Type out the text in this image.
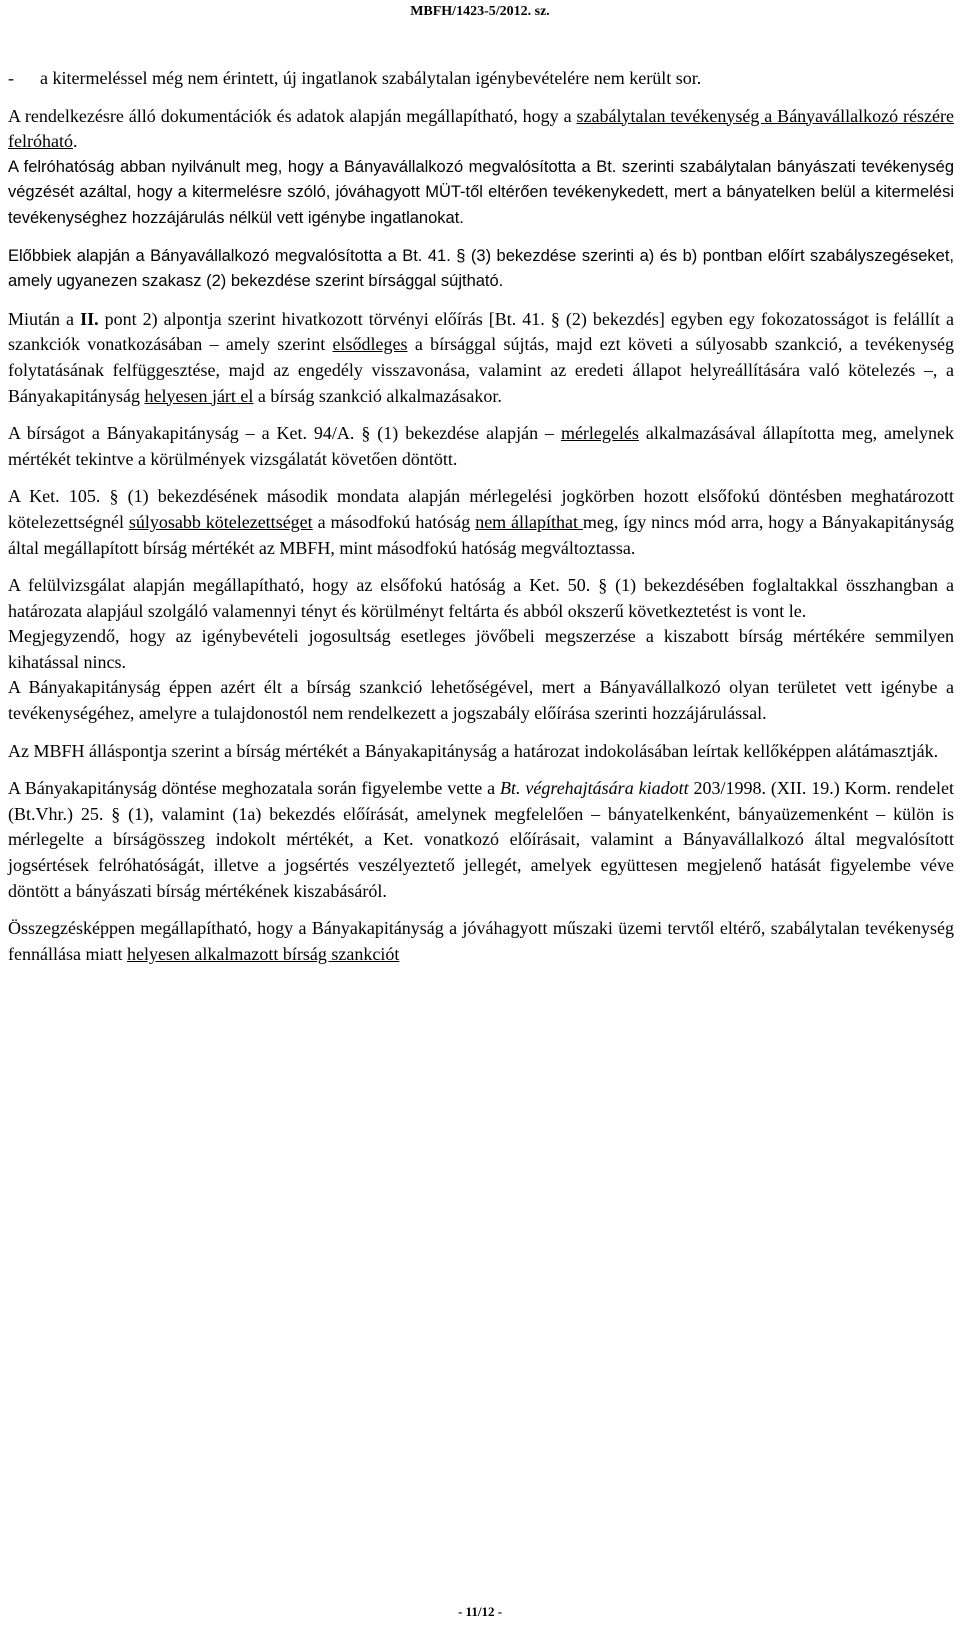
MBFH/1423-5/2012. sz.
-	a kitermeléssel még nem érintett, új ingatlanok szabálytalan igénybevételére nem került sor.

A rendelkezésre álló dokumentációk és adatok alapján megállapítható, hogy a szabálytalan tevékenység a Bányavállalkozó részére felróható.

A felróhatóság abban nyilvánult meg, hogy a Bányavállalkozó megvalósította a Bt. szerinti szabálytalan bányászati tevékenység végzését azáltal, hogy a kitermelésre szóló, jóváhagyott MÜT-től eltérően tevékenykedett, mert a bányatelken belül a kitermelési tevékenységhez hozzájárulás nélkül vett igénybe ingatlanokat.

Előbbiek alapján a Bányavállalkozó megvalósította a Bt. 41. § (3) bekezdése szerinti a) és b) pontban előírt szabályszegéseket, amely ugyanezen szakasz (2) bekezdése szerint bírsággal sújtható.

Miután a II. pont 2) alpontja szerint hivatkozott törvényi előírás [Bt. 41. § (2) bekezdés] egyben egy fokozatosságot is felállít a szankciók vonatkozásában – amely szerint elsődleges a bírsággal sújtás, majd ezt követi a súlyosabb szankció, a tevékenység folytatásának felfüggesztése, majd az engedély visszavonása, valamint az eredeti állapot helyreállítására való kötelezés –, a Bányakapitányság helyesen járt el a bírság szankció alkalmazásakor.

A bírságot a Bányakapitányság – a Ket. 94/A. § (1) bekezdése alapján – mérlegelés alkalmazásával állapította meg, amelynek mértékét tekintve a körülmények vizsgálatát követően döntött.

A Ket. 105. § (1) bekezdésének második mondata alapján mérlegelési jogkörben hozott elsőfokú döntésben meghatározott kötelezettségnél súlyosabb kötelezettséget a másodfokú hatóság nem állapíthat meg, így nincs mód arra, hogy a Bányakapitányság által megállapított bírság mértékét az MBFH, mint másodfokú hatóság megváltoztassa.

A felülvizsgálat alapján megállapítható, hogy az elsőfokú hatóság a Ket. 50. § (1) bekezdésében foglaltakkal összhangban a határozata alapjául szolgáló valamennyi tényt és körülményt feltárta és abból okszerű következtetést is vont le.

Megjegyzendő, hogy az igénybevételi jogosultság esetleges jövőbeli megszerzése a kiszabott bírság mértékére semmilyen kihatással nincs.

A Bányakapitányság éppen azért élt a bírság szankció lehetőségével, mert a Bányavállalkozó olyan területet vett igénybe a tevékenységéhez, amelyre a tulajdonostól nem rendelkezett a jogszabály előírása szerinti hozzájárulással.

Az MBFH álláspontja szerint a bírság mértékét a Bányakapitányság a határozat indokolásában leírtak kellőképpen alátámasztják.

A Bányakapitányság döntése meghozatala során figyelembe vette a Bt. végrehajtására kiadott 203/1998. (XII. 19.) Korm. rendelet (Bt.Vhr.) 25. § (1), valamint (1a) bekezdés előírását, amelynek megfelelően – bányatelkenként, bányaüzemenként – külön is mérlegelte a bírságösszeg indokolt mértékét, a Ket. vonatkozó előírásait, valamint a Bányavállalkozó által megvalósított jogsértések felróhatóságát, illetve a jogsértés veszélyeztető jellegét, amelyek együttesen megjelenő hatását figyelembe véve döntött a bányászati bírság mértékének kiszabásáról.

Összegzésképpen megállapítható, hogy a Bányakapitányság a jóváhagyott műszaki üzemi tervtől eltérő, szabálytalan tevékenység fennállása miatt helyesen alkalmazott bírság szankciót

- 11/12 -
